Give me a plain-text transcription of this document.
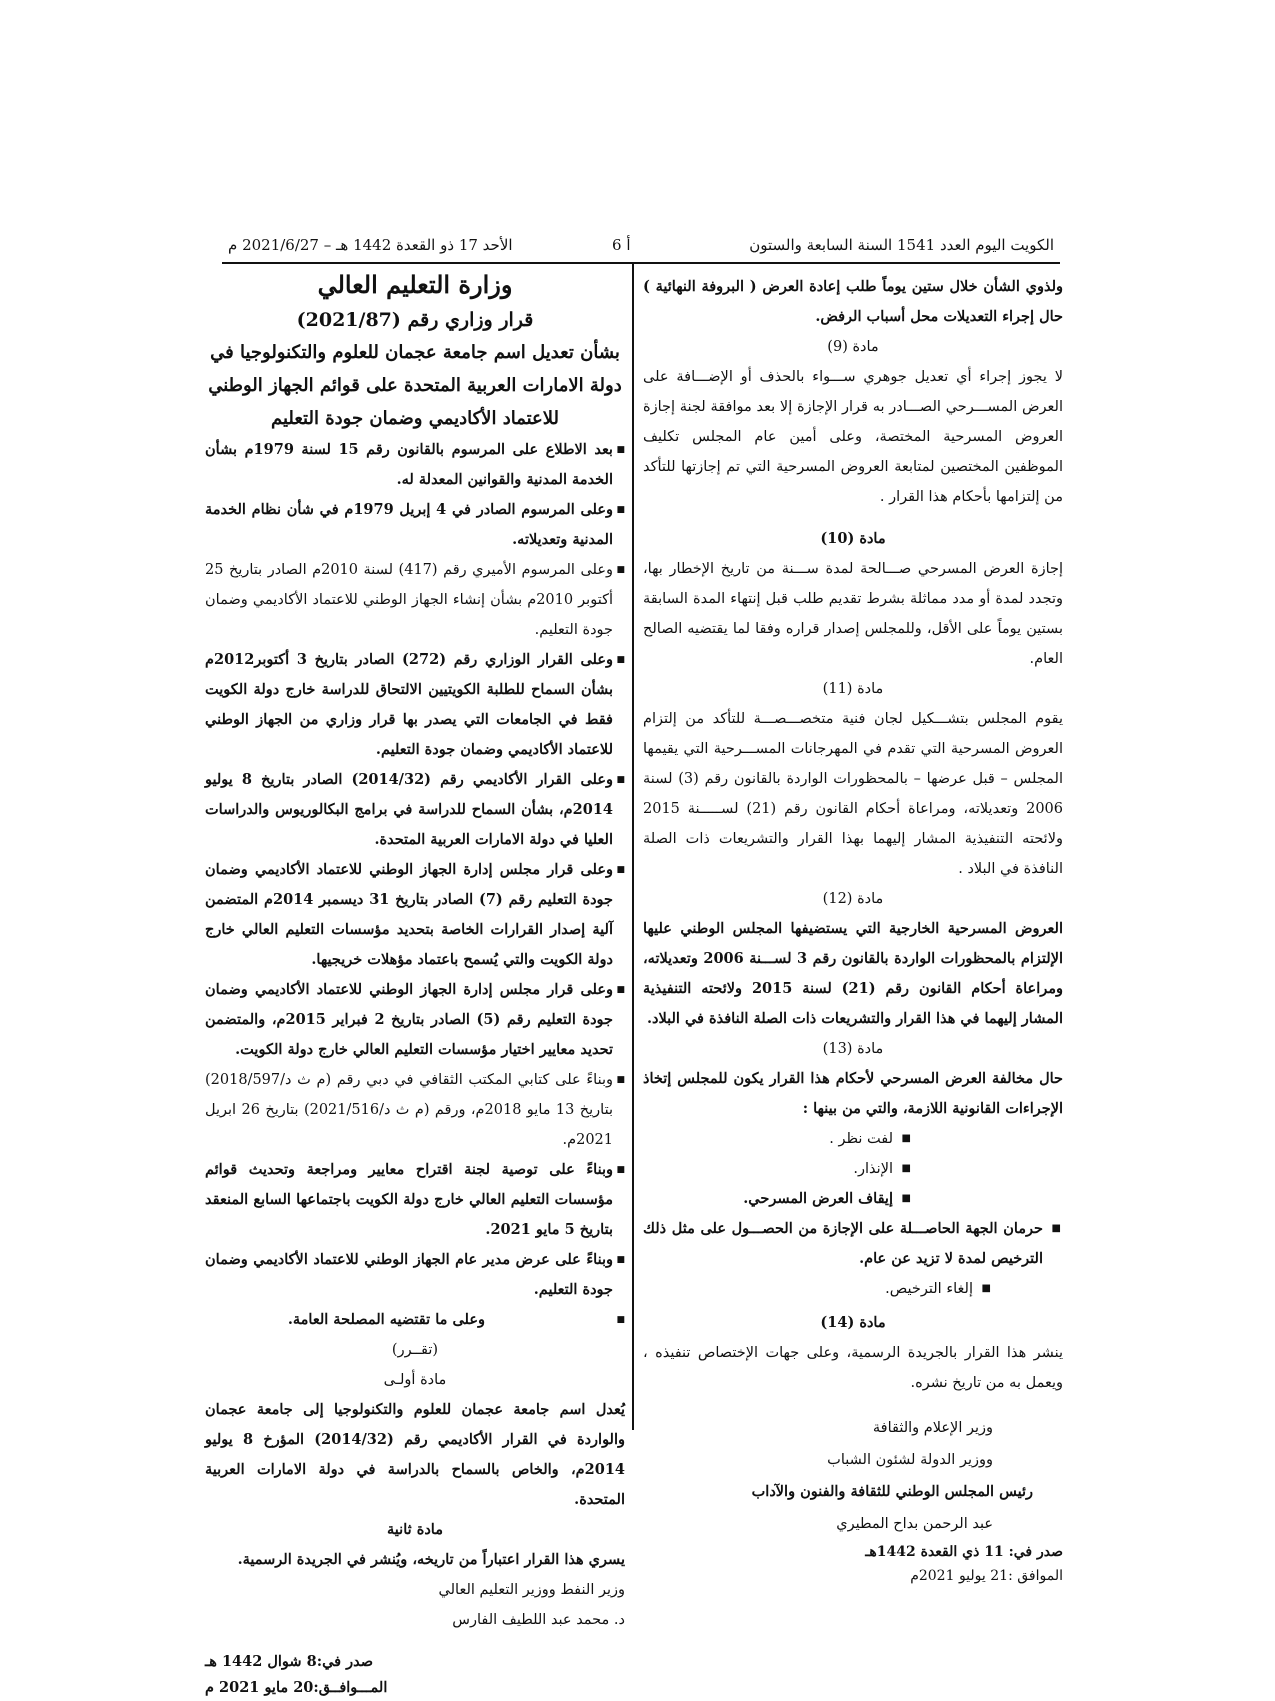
الكويت اليوم العدد 1541 السنة السابعة والستون
أ 6
الأحد 17 ذو القعدة 1442 هـ – 2021/6/27 م

ولذوي الشأن خلال ستين يوماً طلب إعادة العرض ( البروفة النهائية ) حال إجراء التعديلات محل أسباب الرفض.

مادة (9)

لا يجوز إجراء أي تعديل جوهري ســـواء بالحذف أو الإضـــافة على العرض المســـرحي الصـــادر به قرار الإجازة إلا بعد موافقة لجنة إجازة العروض المسرحية المختصة، وعلى أمين عام المجلس تكليف الموظفين المختصين لمتابعة العروض المسرحية التي تم إجازتها للتأكد من إلتزامها بأحكام هذا القرار .

مادة (10)

إجازة العرض المسرحي صـــالحة لمدة ســـنة من تاريخ الإخطار بها، وتجدد لمدة أو مدد مماثلة بشرط تقديم طلب قبل إنتهاء المدة السابقة بستين يوماً على الأقل، وللمجلس إصدار قراره وفقا لما يقتضيه الصالح العام.

مادة (11)

يقوم المجلس بتشـــكيل لجان فنية متخصـــصـــة للتأكد من إلتزام العروض المسرحية التي تقدم في المهرجانات المســـرحية التي يقيمها المجلس – قبل عرضها – بالمحظورات الواردة بالقانون رقم (3) لسنة 2006 وتعديلاته، ومراعاة أحكام القانون رقم (21) لســـــنة 2015 ولائحته التنفيذية المشار إليهما بهذا القرار والتشريعات ذات الصلة النافذة في البلاد .

مادة (12)

العروض المسرحية الخارجية التي يستضيفها المجلس الوطني عليها الإلتزام بالمحظورات الواردة بالقانون رقم 3 لســـنة 2006 وتعديلاته، ومراعاة أحكام القانون رقم (21) لسنة 2015 ولائحته التنفيذية المشار إليهما في هذا القرار والتشريعات ذات الصلة النافذة في البلاد.

مادة (13)

حال مخالفة العرض المسرحي لأحكام هذا القرار يكون للمجلس إتخاذ الإجراءات القانونية اللازمة، والتي من بينها :

■ لفت نظر .
■ الإنذار.
■ إيقاف العرض المسرحي.
■ حرمان الجهة الحاصـــلة على الإجازة من الحصـــول على مثل ذلك الترخيص لمدة لا تزيد عن عام.
■ إلغاء الترخيص.

مادة (14)

ينشر هذا القرار بالجريدة الرسمية، وعلى جهات الإختصاص تنفيذه ، ويعمل به من تاريخ نشره.

وزير الإعلام والثقافة

ووزير الدولة لشئون الشباب

رئيس المجلس الوطني للثقافة والفنون والآداب

عبد الرحمن بداح المطيري

صدر في: 11 ذي القعدة 1442هـ

الموافق :21 يوليو 2021م

وزارة التعليم العالي

قرار وزاري رقم (2021/87)

بشأن تعديل اسم جامعة عجمان للعلوم والتكنولوجيا في دولة الامارات العربية المتحدة على قوائم الجهاز الوطني للاعتماد الأكاديمي وضمان جودة التعليم

■ بعد الاطلاع على المرسوم بالقانون رقم 15 لسنة 1979م بشأن الخدمة المدنية والقوانين المعدلة له.
■ وعلى المرسوم الصادر في 4 إبريل 1979م في شأن نظام الخدمة المدنية وتعديلاته.
■ وعلى المرسوم الأميري رقم (417) لسنة 2010م الصادر بتاريخ 25 أكتوبر 2010م بشأن إنشاء الجهاز الوطني للاعتماد الأكاديمي وضمان جودة التعليم.
■ وعلى القرار الوزاري رقم (272) الصادر بتاريخ 3 أكتوبر2012م بشأن السماح للطلبة الكويتيين الالتحاق للدراسة خارج دولة الكويت فقط في الجامعات التي يصدر بها قرار وزاري من الجهاز الوطني للاعتماد الأكاديمي وضمان جودة التعليم.
■ وعلى القرار الأكاديمي رقم (2014/32) الصادر بتاريخ 8 يوليو 2014م، بشأن السماح للدراسة في برامج البكالوريوس والدراسات العليا في دولة الامارات العربية المتحدة.
■ وعلى قرار مجلس إدارة الجهاز الوطني للاعتماد الأكاديمي وضمان جودة التعليم رقم (7) الصادر بتاريخ 31 ديسمبر 2014م المتضمن آلية إصدار القرارات الخاصة بتحديد مؤسسات التعليم العالي خارج دولة الكويت والتي يُسمح باعتماد مؤهلات خريجيها.
■ وعلى قرار مجلس إدارة الجهاز الوطني للاعتماد الأكاديمي وضمان جودة التعليم رقم (5) الصادر بتاريخ 2 فبراير 2015م، والمتضمن تحديد معايير اختيار مؤسسات التعليم العالي خارج دولة الكويت.
■ وبناءً على كتابي المكتب الثقافي في دبي رقم (م ث د/2018/597) بتاريخ 13 مايو 2018م، ورقم (م ث د/2021/516) بتاريخ 26 ابريل 2021م.
■ وبناءً على توصية لجنة اقتراح معايير ومراجعة وتحديث قوائم مؤسسات التعليم العالي خارج دولة الكويت باجتماعها السابع المنعقد بتاريخ 5 مايو 2021.
■ وبناءً على عرض مدير عام الجهاز الوطني للاعتماد الأكاديمي وضمان جودة التعليم.
■ وعلى ما تقتضيه المصلحة العامة.

(تقــرر)

مادة أولـى

يُعدل اسم جامعة عجمان للعلوم والتكنولوجيا إلى جامعة عجمان والواردة في القرار الأكاديمي رقم (2014/32) المؤرخ 8 يوليو 2014م، والخاص بالسماح بالدراسة في دولة الامارات العربية المتحدة.

مادة ثانية

يسري هذا القرار اعتباراً من تاريخه، ويُنشر في الجريدة الرسمية.

وزير النفط ووزير التعليم العالي

د. محمد عبد اللطيف الفارس

صدر في:8 شوال 1442 هـ

المـــوافــق:20 مايو 2021 م
